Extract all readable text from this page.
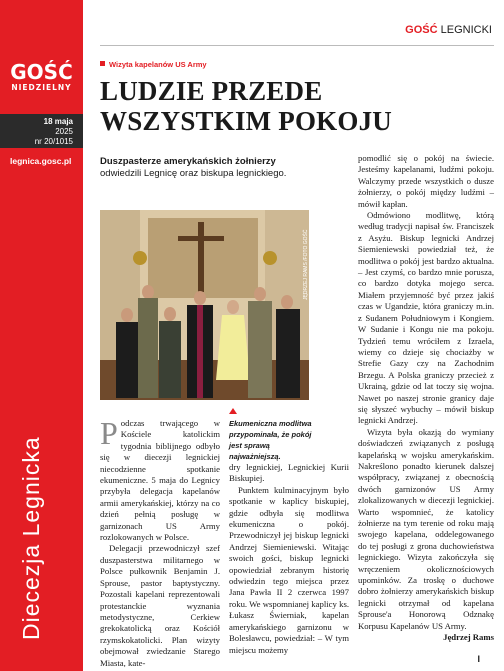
GOŚĆ
NIEDZIELNY
18 maja
2025
nr 20/1015
legnica.gosc.pl
Diecezja Legnicka
GOŚĆ LEGNICKI
Wizyta kapelanów US Army
LUDZIE PRZEDE WSZYSTKIM POKOJU
Duszpasterze amerykańskich żołnierzy
odwiedzili Legnicę oraz biskupa legnickiego.
JĘDRZEJ RAMS /FOTO GOŚĆ
Ekumeniczna modlitwa przypominała, że pokój jest sprawą najważniejszą.

Podczas trwającego w Kościele katolickim tygodnia biblijnego odbyło się w diecezji legnickiej niecodzienne spotkanie ekumeniczne. 5 maja do Legnicy przybyła delegacja kapelanów armii amerykańskiej, którzy na co dzień pełnią posługę w garnizonach US Army rozlokowanych w Polsce.

Delegacji przewodniczył szef duszpasterstwa militarnego w Polsce pułkownik Benjamin J. Sprouse, pastor baptystyczny. Pozostali kapelani reprezentowali protestanckie wyznania metodystyczne, Cerkiew grekokatolicką oraz Kościół rzymskokatolicki. Plan wizyty obejmował zwiedzanie Starego Miasta, kate-

dry legnickiej, Legnickiej Kurii Biskupiej.

Punktem kulminacyjnym było spotkanie w kaplicy biskupiej, gdzie odbyła się modlitwa ekumeniczna o pokój. Przewodniczył jej biskup legnicki Andrzej Siemieniewski. Witając swoich gości, biskup legnicki opowiedział zebranym historię odwiedzin tego miejsca przez Jana Pawła II 2 czerwca 1997 roku. We wspomnianej kaplicy ks. Łukasz Świerniak, kapelan amerykańskiego garnizonu w Bolesławcu, powiedział: – W tym miejscu możemy

pomodlić się o pokój na świecie. Jesteśmy kapelanami, ludźmi pokoju. Walczymy przede wszystkich o dusze żołnierzy, o pokój między ludźmi – mówił kapłan.

Odmówiono modlitwę, którą według tradycji napisał św. Franciszek z Asyżu. Biskup legnicki Andrzej Siemieniewski powiedział też, że modlitwa o pokój jest bardzo aktualna. – Jest czymś, co bardzo mnie porusza, co bardzo dotyka mojego serca. Miałem przyjemność być przez jakiś czas w Ugandzie, która graniczy m.in. z Sudanem Południowym i Kongiem. W Sudanie i Kongu nie ma pokoju. Tydzień temu wróciłem z Izraela, wiemy co dzieje się chociażby w Strefie Gazy czy na Zachodnim Brzegu. A Polska graniczy przecież z Ukrainą, gdzie od lat toczy się wojna. Nawet po naszej stronie granicy daje się słyszeć wybuchy – mówił biskup legnicki Andrzej.

Wizyta była okazją do wymiany doświadczeń związanych z posługą kapelańską w wojsku amerykańskim. Nakreślono ponadto kierunek dalszej współpracy, związanej z obecnością dwóch garnizonów US Army zlokalizowanych w diecezji legnickiej. Warto wspomnieć, że katolicy żołnierze na tym terenie od roku mają swojego kapelana, oddelegowanego do tej posługi z grona duchowieństwa legnickiego. Wizyta zakończyła się wręczeniem okolicznościowych upominków. Za troskę o duchowe dobro żołnierzy amerykańskich biskup legnicki otrzymał od kapelana Sprouse'a Honorową Odznakę Korpusu Kapelanów US Army.

Jędrzej Rams

I
